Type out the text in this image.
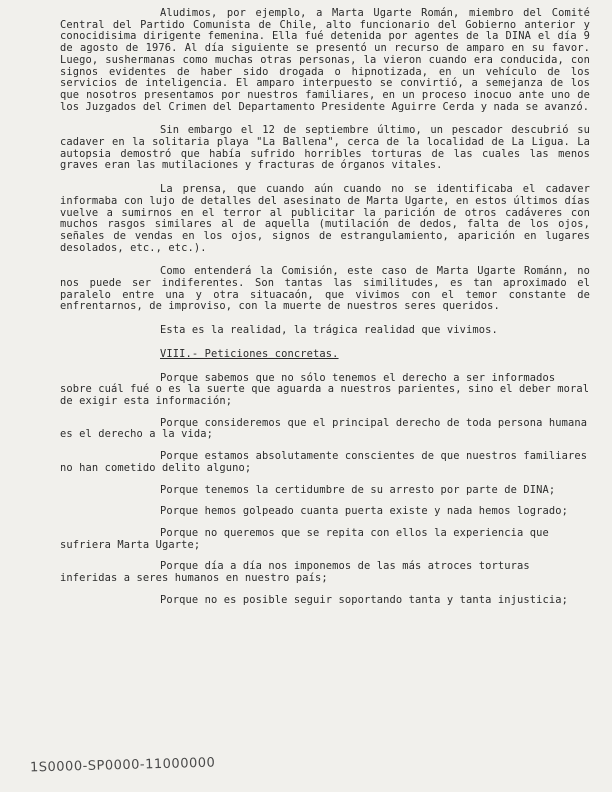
Aludimos, por ejemplo, a Marta Ugarte Román, miembro del Comité Central del Partido Comunista de Chile, alto funcionario del Gobierno anterior y conocidisima dirigente femenina. Ella fué detenida por agentes de la DINA el día 9 de agosto de 1976. Al día siguiente se presentó un recurso de amparo en su favor. Luego, sushermanas como muchas otras personas, la vieron cuando era conducida, con signos evidentes de haber sido drogada o hipnotizada, en un vehículo de los servicios de inteligencia. El amparo interpuesto se convirtió, a semejanza de los que nosotros presentamos por nuestros familiares, en un proceso inocuo ante uno de los Juzgados del Crimen del Departamento Presidente Aguirre Cerda y nada se avanzó.

Sin embargo el 12 de septiembre último, un pescador descubrió su cadaver en la solitaria playa "La Ballena", cerca de la localidad de La Ligua. La autopsia demostró que había sufrido horribles torturas de las cuales las menos graves eran las mutilaciones y fracturas de órganos vitales.

La prensa, que cuando aún cuando no se identificaba el cadaver informaba con lujo de detalles del asesinato de Marta Ugarte, en estos últimos días vuelve a sumirnos en el terror al publicitar la parición de otros cadáveres con muchos rasgos similares al de aquella (mutilación de dedos, falta de los ojos, señales de vendas en los ojos, signos de estrangulamiento, aparición en lugares desolados, etc., etc.).

Como entenderá la Comisión, este caso de Marta Ugarte Románn, no nos puede ser indiferentes. Son tantas las similitudes, es tan aproximado el paralelo entre una y otra situacaón, que vivimos con el temor constante de enfrentarnos, de improviso, con la muerte de nuestros seres queridos.

Esta es la realidad, la trágica realidad que vivimos.

VIII.- Peticiones concretas.

Porque sabemos que no sólo tenemos el derecho a ser informados sobre cuál fué o es la suerte que aguarda a nuestros parientes, sino el deber moral de exigir esta información;

Porque consideremos que el principal derecho de toda persona humana es el derecho a la vida;

Porque estamos absolutamente conscientes de que nuestros familiares no han cometido delito alguno;

Porque tenemos la certidumbre de su arresto por parte de DINA;

Porque hemos golpeado cuanta puerta existe y nada hemos logrado;

Porque no queremos que se repita con ellos la experiencia que sufriera Marta Ugarte;

Porque día a día nos imponemos de las más atroces torturas inferidas a seres humanos en nuestro país;

Porque no es posible seguir soportando tanta y tanta injusticia;

1S0000-SP0000-11000000
